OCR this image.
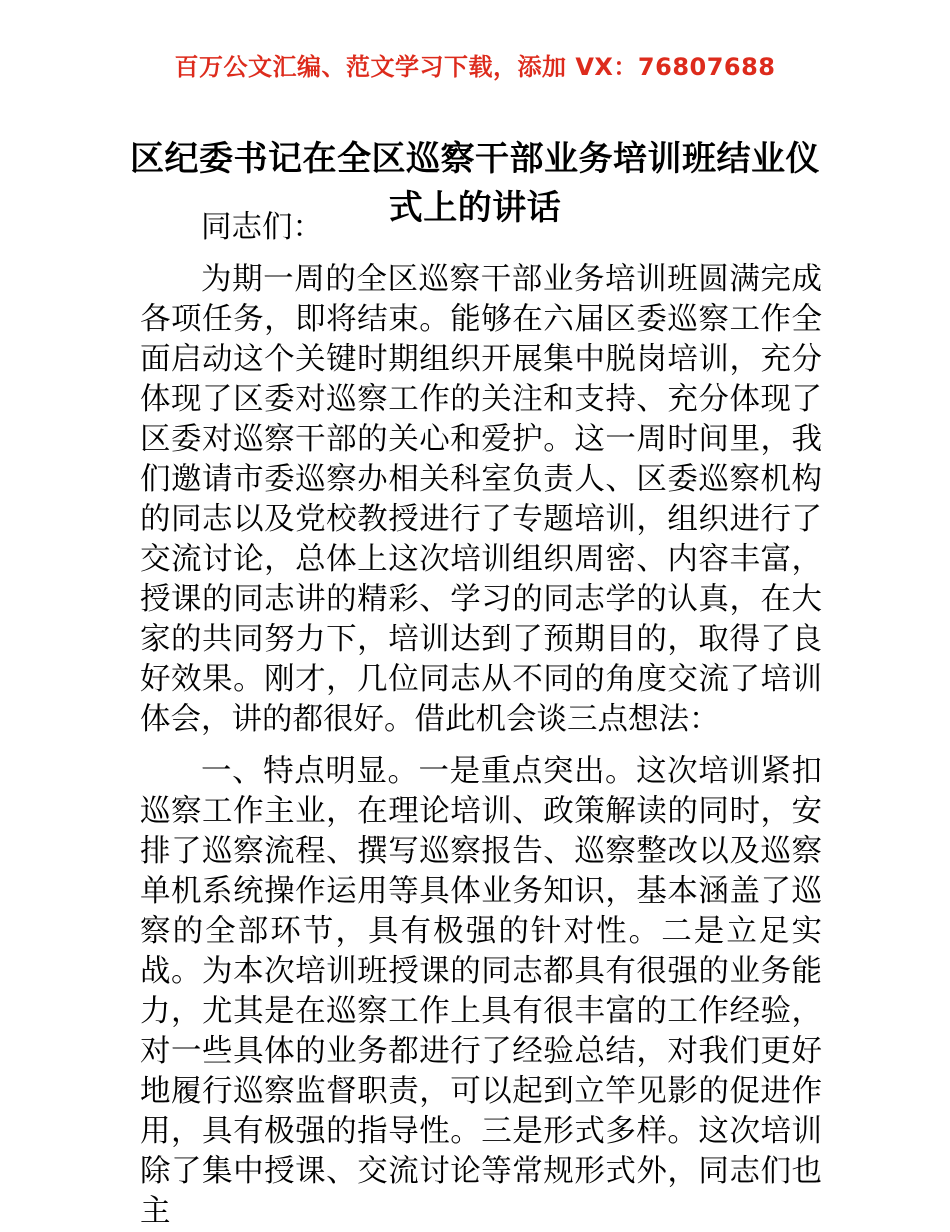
百万公文汇编、范文学习下载，添加 VX：76807688
区纪委书记在全区巡察干部业务培训班结业仪式上的讲话

同志们：

为期一周的全区巡察干部业务培训班圆满完成各项任务，即将结束。能够在六届区委巡察工作全面启动这个关键时期组织开展集中脱岗培训，充分体现了区委对巡察工作的关注和支持、充分体现了区委对巡察干部的关心和爱护。这一周时间里，我们邀请市委巡察办相关科室负责人、区委巡察机构的同志以及党校教授进行了专题培训，组织进行了交流讨论，总体上这次培训组织周密、内容丰富，授课的同志讲的精彩、学习的同志学的认真，在大家的共同努力下，培训达到了预期目的，取得了良好效果。刚才，几位同志从不同的角度交流了培训体会，讲的都很好。借此机会谈三点想法：

一、特点明显。一是重点突出。这次培训紧扣巡察工作主业，在理论培训、政策解读的同时，安排了巡察流程、撰写巡察报告、巡察整改以及巡察单机系统操作运用等具体业务知识，基本涵盖了巡察的全部环节，具有极强的针对性。二是立足实战。为本次培训班授课的同志都具有很强的业务能力，尤其是在巡察工作上具有很丰富的工作经验，对一些具体的业务都进行了经验总结，对我们更好地履行巡察监督职责，可以起到立竿见影的促进作用，具有极强的指导性。三是形式多样。这次培训除了集中授课、交流讨论等常规形式外，同志们也主
